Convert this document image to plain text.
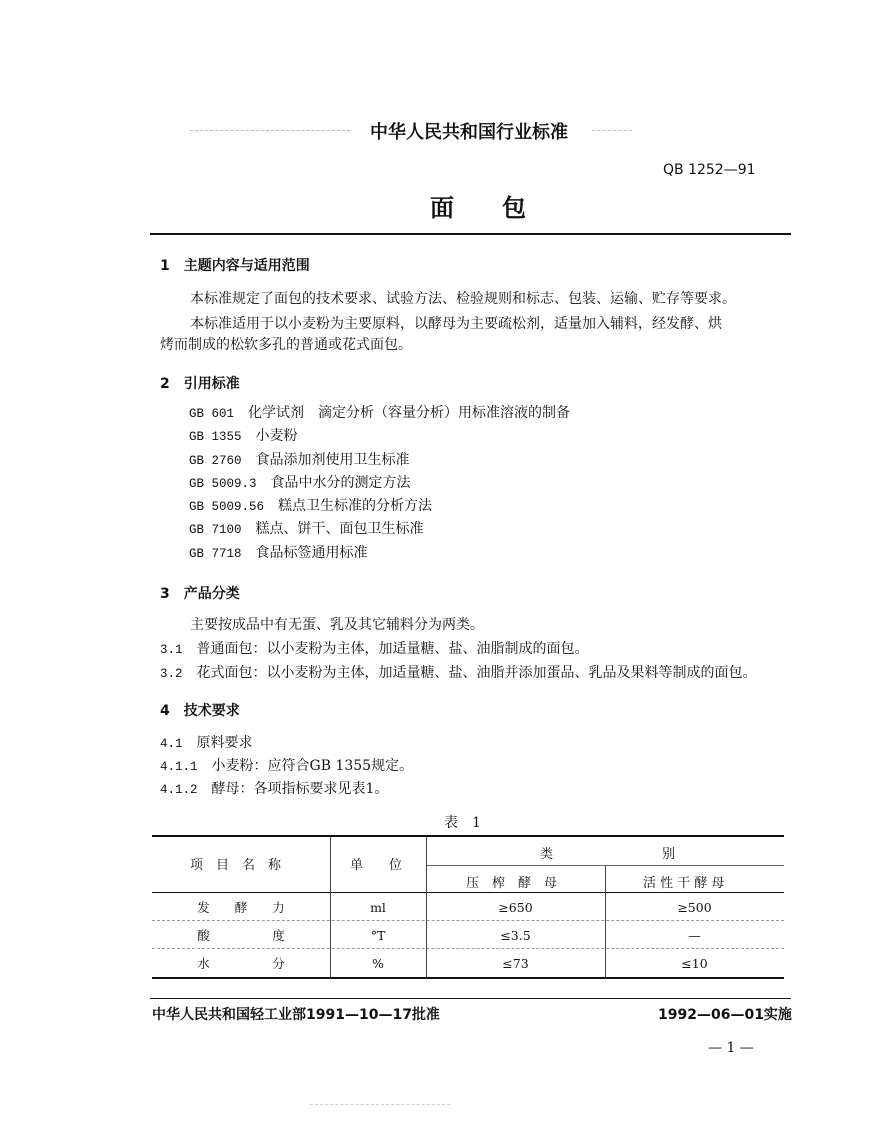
中华人民共和国行业标准
QB 1252—91
面　　包
1　主题内容与适用范围
本标准规定了面包的技术要求、试验方法、检验规则和标志、包装、运输、贮存等要求。
本标准适用于以小麦粉为主要原料，以酵母为主要疏松剂，适量加入辅料，经发酵、烘
烤而制成的松软多孔的普通或花式面包。
2　引用标准
GB 601　 化学试剂　滴定分析（容量分析）用标准溶液的制备
GB 1355　 小麦粉
GB 2760　 食品添加剂使用卫生标准
GB 5009.3　 食品中水分的测定方法
GB 5009.56　 糕点卫生标准的分析方法
GB 7100　 糕点、饼干、面包卫生标准
GB 7718　 食品标签通用标准
3　产品分类
主要按成品中有无蛋、乳及其它辅料分为两类。
3.1　 普通面包：以小麦粉为主体，加适量糖、盐、油脂制成的面包。
3.2　 花式面包：以小麦粉为主体，加适量糖、盐、油脂并添加蛋品、乳品及果料等制成的面包。
4　技术要求
4.1　 原料要求
4.1.1　 小麦粉：应符合GB 1355规定。
4.1.2　 酵母：各项指标要求见表1。
表　1
项　目　名　称	单　　位
类	别
压　榨　酵　母	活 性 干 酵 母
发　　酵　　力	ml	≥650	≥500
酸　　　　　度	°T	≤3.5	—
水　　　　　分	%	≤73	≤10
中华人民共和国轻工业部1991—10—17批准	1992—06—01实施
— 1 —
